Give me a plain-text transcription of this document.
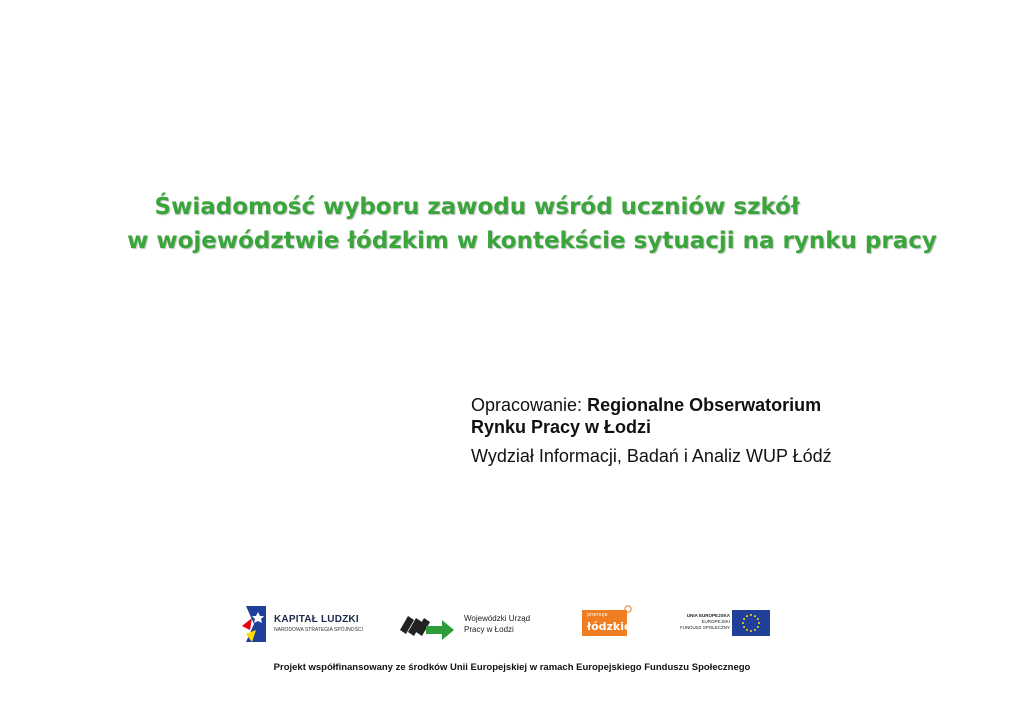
Świadomość wyboru zawodu wśród uczniów szkół
w województwie łódzkim w kontekście sytuacji na rynku pracy
Opracowanie: Regionalne Obserwatorium
Rynku Pracy w Łodzi
Wydział Informacji, Badań i Analiz WUP Łódź
KAPITAŁ LUDZKI
NARODOWA STRATEGIA SPÓJNOŚCI
Wojewódzki Urząd
Pracy w Łodzi
promuje
łódzkie
UNIA EUROPEJSKA
EUROPEJSKI
FUNDUSZ SPOŁECZNY
Projekt współfinansowany ze środków Unii Europejskiej w ramach Europejskiego Funduszu Społecznego
